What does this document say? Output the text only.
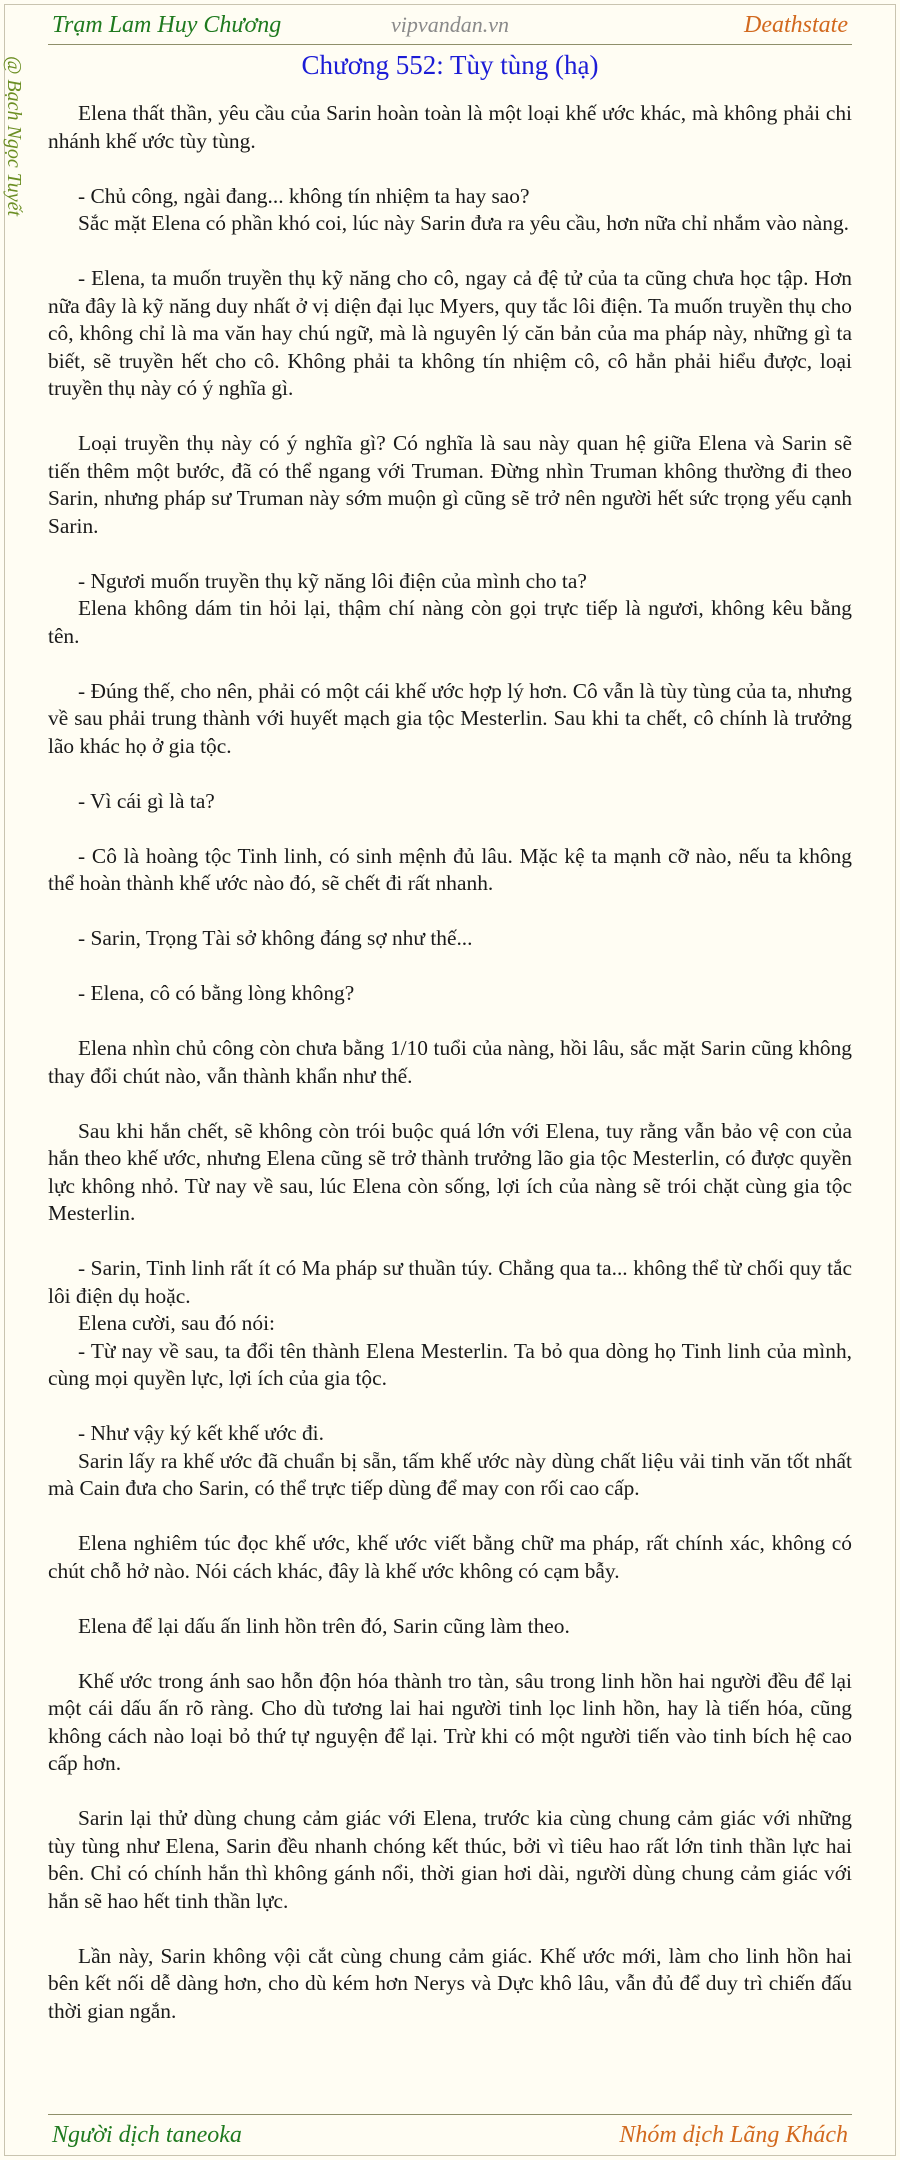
Trạm Lam Huy Chương	vipvandan.vn	Deathstate
@ Bạch Ngọc Tuyết	Chương 552: Tùy tùng (hạ)

Elena thất thần, yêu cầu của Sarin hoàn toàn là một loại khế ước khác, mà không phải chi nhánh khế ước tùy tùng.

- Chủ công, ngài đang... không tín nhiệm ta hay sao?

Sắc mặt Elena có phần khó coi, lúc này Sarin đưa ra yêu cầu, hơn nữa chỉ nhắm vào nàng.

- Elena, ta muốn truyền thụ kỹ năng cho cô, ngay cả đệ tử của ta cũng chưa học tập. Hơn nữa đây là kỹ năng duy nhất ở vị diện đại lục Myers, quy tắc lôi điện. Ta muốn truyền thụ cho cô, không chỉ là ma văn hay chú ngữ, mà là nguyên lý căn bản của ma pháp này, những gì ta biết, sẽ truyền hết cho cô. Không phải ta không tín nhiệm cô, cô hẳn phải hiểu được, loại truyền thụ này có ý nghĩa gì.

Loại truyền thụ này có ý nghĩa gì? Có nghĩa là sau này quan hệ giữa Elena và Sarin sẽ tiến thêm một bước, đã có thể ngang với Truman. Đừng nhìn Truman không thường đi theo Sarin, nhưng pháp sư Truman này sớm muộn gì cũng sẽ trở nên người hết sức trọng yếu cạnh Sarin.

- Ngươi muốn truyền thụ kỹ năng lôi điện của mình cho ta?

Elena không dám tin hỏi lại, thậm chí nàng còn gọi trực tiếp là ngươi, không kêu bằng tên.

- Đúng thế, cho nên, phải có một cái khế ước hợp lý hơn. Cô vẫn là tùy tùng của ta, nhưng về sau phải trung thành với huyết mạch gia tộc Mesterlin. Sau khi ta chết, cô chính là trưởng lão khác họ ở gia tộc.

- Vì cái gì là ta?

- Cô là hoàng tộc Tinh linh, có sinh mệnh đủ lâu. Mặc kệ ta mạnh cỡ nào, nếu ta không thể hoàn thành khế ước nào đó, sẽ chết đi rất nhanh.

- Sarin, Trọng Tài sở không đáng sợ như thế...

- Elena, cô có bằng lòng không?

Elena nhìn chủ công còn chưa bằng 1/10 tuổi của nàng, hồi lâu, sắc mặt Sarin cũng không thay đổi chút nào, vẫn thành khẩn như thế.

Sau khi hắn chết, sẽ không còn trói buộc quá lớn với Elena, tuy rằng vẫn bảo vệ con của hắn theo khế ước, nhưng Elena cũng sẽ trở thành trưởng lão gia tộc Mesterlin, có được quyền lực không nhỏ. Từ nay về sau, lúc Elena còn sống, lợi ích của nàng sẽ trói chặt cùng gia tộc Mesterlin.

- Sarin, Tinh linh rất ít có Ma pháp sư thuần túy. Chẳng qua ta... không thể từ chối quy tắc lôi điện dụ hoặc.

Elena cười, sau đó nói:

- Từ nay về sau, ta đổi tên thành Elena Mesterlin. Ta bỏ qua dòng họ Tinh linh của mình, cùng mọi quyền lực, lợi ích của gia tộc.

- Như vậy ký kết khế ước đi.

Sarin lấy ra khế ước đã chuẩn bị sẵn, tấm khế ước này dùng chất liệu vải tinh văn tốt nhất mà Cain đưa cho Sarin, có thể trực tiếp dùng để may con rối cao cấp.

Elena nghiêm túc đọc khế ước, khế ước viết bằng chữ ma pháp, rất chính xác, không có chút chỗ hở nào. Nói cách khác, đây là khế ước không có cạm bẫy.

Elena để lại dấu ấn linh hồn trên đó, Sarin cũng làm theo.

Khế ước trong ánh sao hỗn độn hóa thành tro tàn, sâu trong linh hồn hai người đều để lại một cái dấu ấn rõ ràng. Cho dù tương lai hai người tinh lọc linh hồn, hay là tiến hóa, cũng không cách nào loại bỏ thứ tự nguyện để lại. Trừ khi có một người tiến vào tinh bích hệ cao cấp hơn.

Sarin lại thử dùng chung cảm giác với Elena, trước kia cùng chung cảm giác với những tùy tùng như Elena, Sarin đều nhanh chóng kết thúc, bởi vì tiêu hao rất lớn tinh thần lực hai bên. Chỉ có chính hắn thì không gánh nổi, thời gian hơi dài, người dùng chung cảm giác với hắn sẽ hao hết tinh thần lực.

Lần này, Sarin không vội cắt cùng chung cảm giác. Khế ước mới, làm cho linh hồn hai bên kết nối dễ dàng hơn, cho dù kém hơn Nerys và Dực khô lâu, vẫn đủ để duy trì chiến đấu thời gian ngắn.

Người dịch taneoka	Nhóm dịch Lãng Khách
